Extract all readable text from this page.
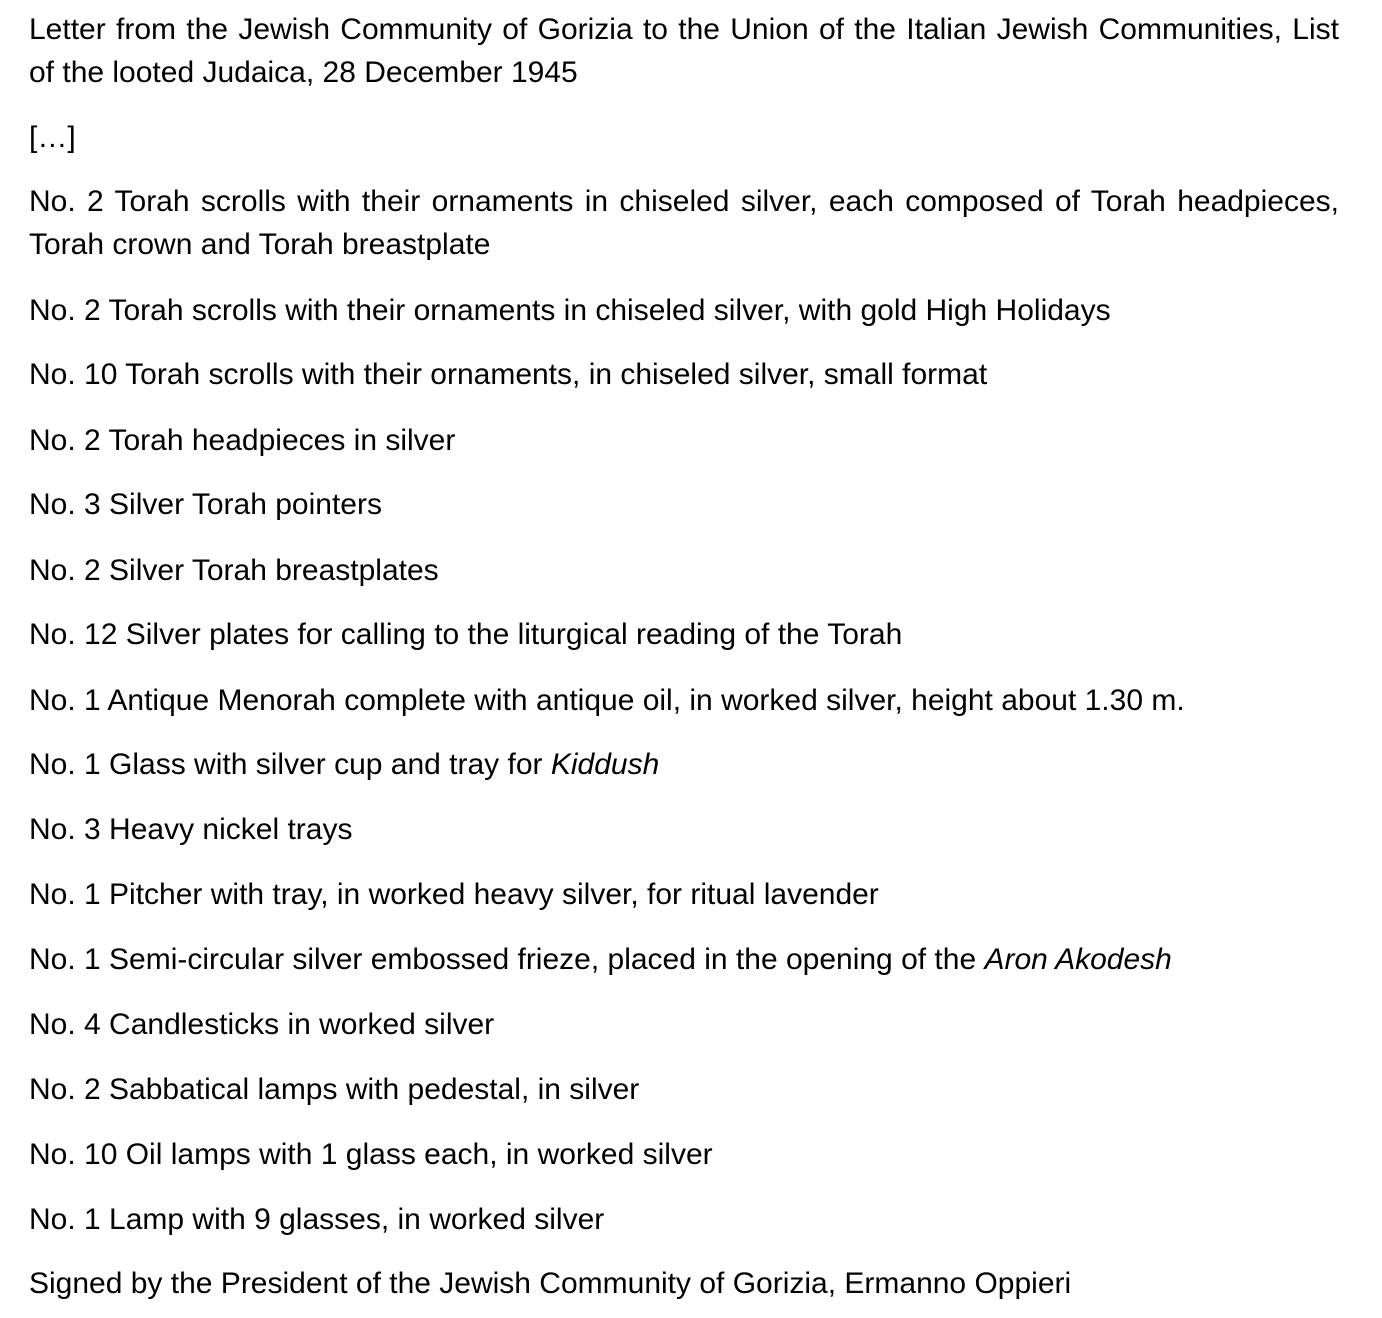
Letter from the Jewish Community of Gorizia to the Union of the Italian Jewish Communities, List of the looted Judaica, 28 December 1945

[…]

No. 2 Torah scrolls with their ornaments in chiseled silver, each composed of Torah headpieces, Torah crown and Torah breastplate
No. 2 Torah scrolls with their ornaments in chiseled silver, with gold High Holidays
No. 10 Torah scrolls with their ornaments, in chiseled silver, small format
No. 2 Torah headpieces in silver
No. 3 Silver Torah pointers
No. 2 Silver Torah breastplates
No. 12 Silver plates for calling to the liturgical reading of the Torah
No. 1 Antique Menorah complete with antique oil, in worked silver, height about 1.30 m.
No. 1 Glass with silver cup and tray for Kiddush
No. 3 Heavy nickel trays
No. 1 Pitcher with tray, in worked heavy silver, for ritual lavender
No. 1 Semi-circular silver embossed frieze, placed in the opening of the Aron Akodesh
No. 4 Candlesticks in worked silver
No. 2 Sabbatical lamps with pedestal, in silver
No. 10 Oil lamps with 1 glass each, in worked silver
No. 1 Lamp with 9 glasses, in worked silver

Signed by the President of the Jewish Community of Gorizia, Ermanno Oppieri
